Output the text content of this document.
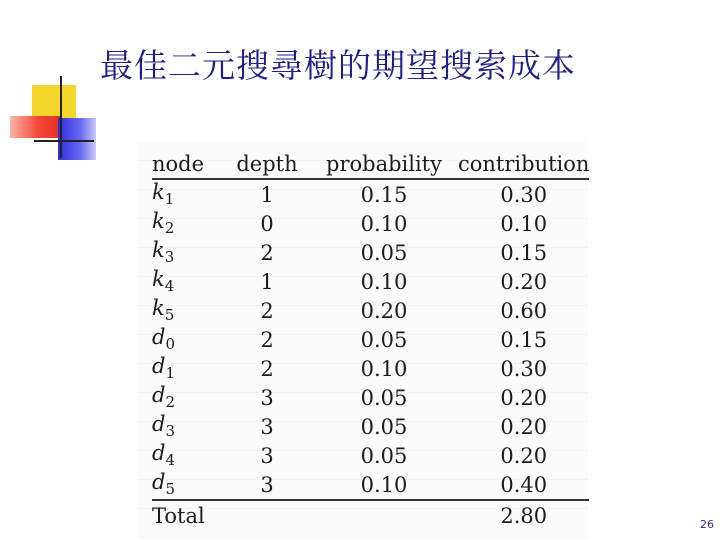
最佳二元搜尋樹的期望搜索成本
node	depth	probability	contribution
$k_1$	1	0.15	0.30
$k_2$	0	0.10	0.10
$k_3$	2	0.05	0.15
$k_4$	1	0.10	0.20
$k_5$	2	0.20	0.60
$d_0$	2	0.05	0.15
$d_1$	2	0.10	0.30
$d_2$	3	0.05	0.20
$d_3$	3	0.05	0.20
$d_4$	3	0.05	0.20
$d_5$	3	0.10	0.40
Total			2.80	26
